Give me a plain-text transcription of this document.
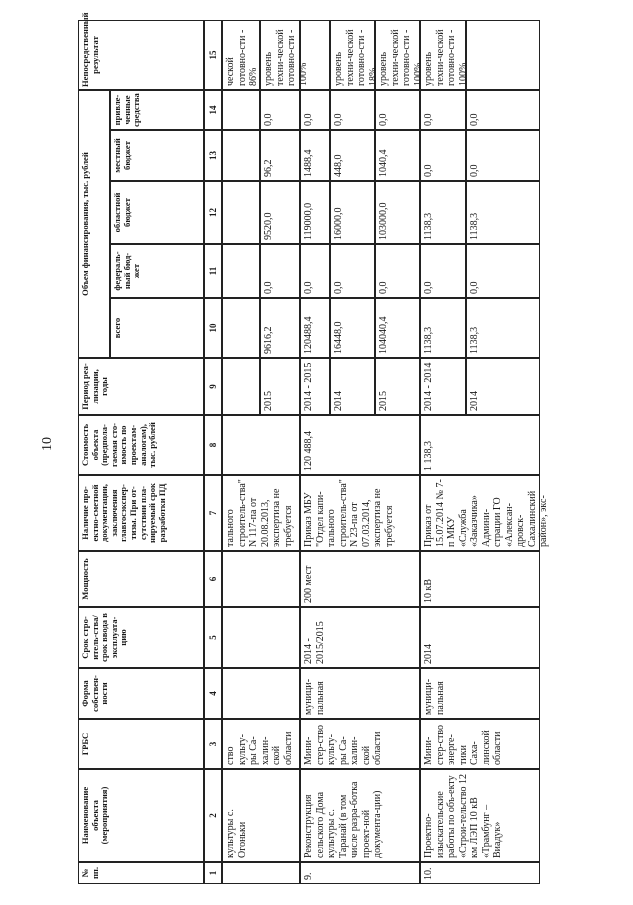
10
№ пп.
Наименование объекта (мероприятия)
ГРБС
Форма собствен-ности
Срок стро-итель-ства/срок ввода в эксплуата-цию
Мощность
Наличие про-ектно-сметной документации, заключения главгосэкспер-тизы. При от-сутствии пла-нируемый срок разработки ПД
Стоимость объекта (предпола-гаемая сто-имость по проектам-аналогам), тыс. рублей
Период реа-лизации, годы
Объем финансирования, тыс. рублей
всего
федераль-ный бюд-жет
областной бюджет
местный бюджет
привле-ченные средства
Непосредственный результат
1
2
3
4
5
6
7
8
9
10
11
12
13
14
15
культуры с. Огоньки
ство культу-ры Са-халин-ской области
тального строитель-ства" N 117-па от 20.08.2013, экспертиза не требуется
ческой готовно-сти - 86%
2015
9616,2
0,0
9520,0
96,2
0,0
уровень техни-ческой готовно-сти - 100%
9.
Реконструкция сельского Дома культуры с. Таранай (в том числе разра-ботка проект-ной документа-ции)
Мини-стер-ство культу-ры Са-халин-ской области
муници-пальная
2014 - 2015/2015
200 мест
Приказ МБУ "Отдел капи-тального строитель-ства" N 23-па от 07.03.2014, экспертиза не требуется
120 488,4
2014 - 2015
120488,4
0,0
119000,0
1488,4
0,0
2014
16448,0
0,0
16000,0
448,0
0,0
уровень техни-ческой готовно-сти - 18%
2015
104040,4
0,0
103000,0
1040,4
0,0
уровень техни-ческой готовно-сти - 100%
10.
Проектно-изыскательские работы по объ-екту «Строи-тельство 12 км ЛЭП 10 кВ «Трамбунг – Виадук»
Мини-стер-ство энерге-тики Саха-линской области
муници-пальная
2014
10 кВ
Приказ от 15.07.2014 № 7-п МКУ «Служба «Заказчика» Админи-страции ГО «Алексан-дровск-Сахалинский район», экс-
1 138,3
2014 - 2014
1138,3
0,0
1138,3
0,0
0,0
уровень техни-ческой готовно-сти - 100%
2014
1138,3
0,0
1138,3
0,0
0,0
